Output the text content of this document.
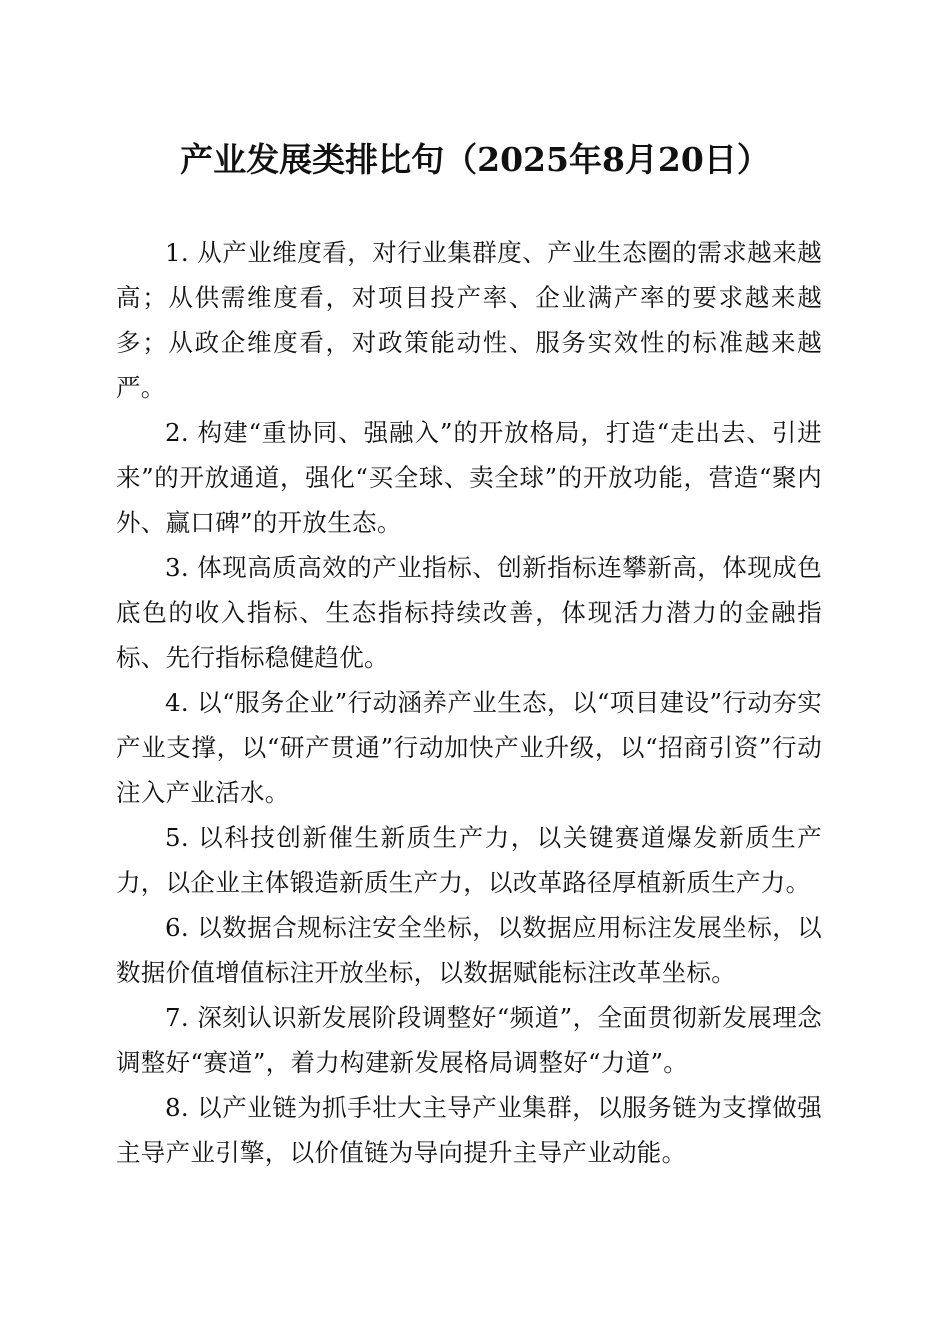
产业发展类排比句（2025年8月20日）

1. 从产业维度看，对行业集群度、产业生态圈的需求越来越高；从供需维度看，对项目投产率、企业满产率的要求越来越多；从政企维度看，对政策能动性、服务实效性的标准越来越严。

2. 构建“重协同、强融入”的开放格局，打造“走出去、引进来”的开放通道，强化“买全球、卖全球”的开放功能，营造“聚内外、赢口碑”的开放生态。

3. 体现高质高效的产业指标、创新指标连攀新高，体现成色底色的收入指标、生态指标持续改善，体现活力潜力的金融指标、先行指标稳健趋优。

4. 以“服务企业”行动涵养产业生态，以“项目建设”行动夯实产业支撑，以“研产贯通”行动加快产业升级，以“招商引资”行动注入产业活水。

5. 以科技创新催生新质生产力，以关键赛道爆发新质生产力，以企业主体锻造新质生产力，以改革路径厚植新质生产力。

6. 以数据合规标注安全坐标，以数据应用标注发展坐标，以数据价值增值标注开放坐标，以数据赋能标注改革坐标。

7. 深刻认识新发展阶段调整好“频道”，全面贯彻新发展理念调整好“赛道”，着力构建新发展格局调整好“力道”。

8. 以产业链为抓手壮大主导产业集群，以服务链为支撑做强主导产业引擎，以价值链为导向提升主导产业动能。
